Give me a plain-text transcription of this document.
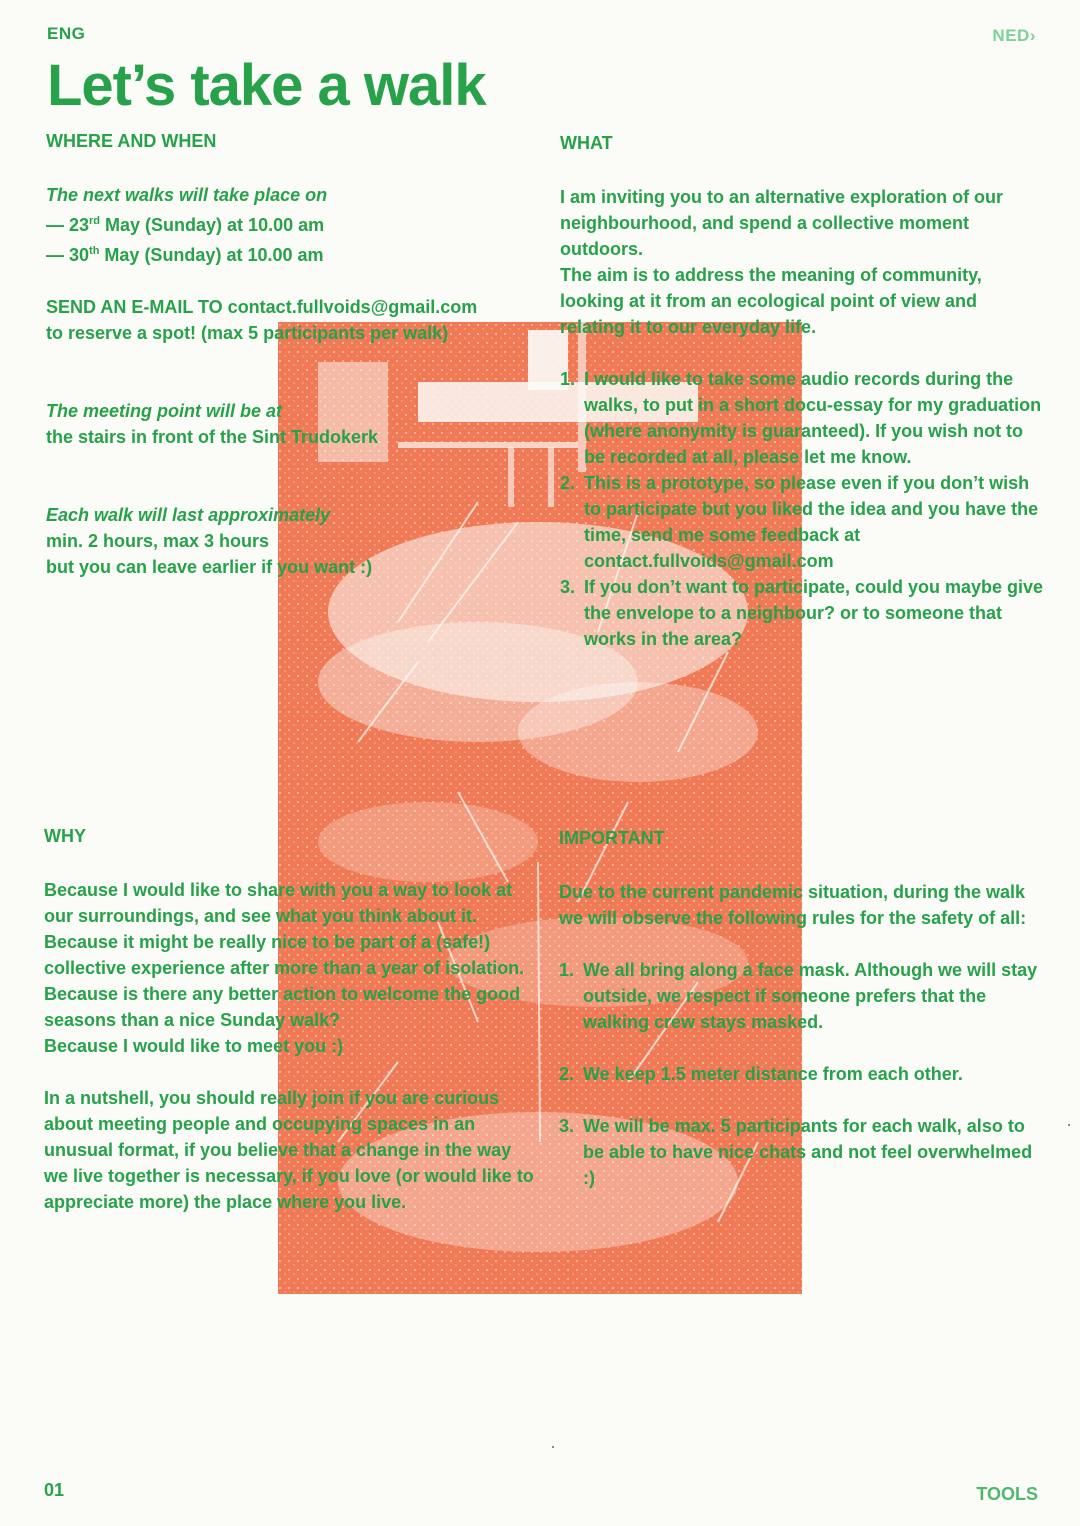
ENG	NED›
Let’s take a walk
WHERE AND WHEN

The next walks will take place on

— 23rd May (Sunday) at 10.00 am

— 30th May (Sunday) at 10.00 am

SEND AN E-MAIL TO contact.fullvoids@gmail.com

to reserve a spot! (max 5 participants per walk)

The meeting point will be at

the stairs in front of the Sint Trudokerk

Each walk will last approximately

min. 2 hours, max 3 hours

but you can leave earlier if you want :)

WHAT

I am inviting you to an alternative exploration of our neighbourhood, and spend a collective moment outdoors.

The aim is to address the meaning of community, looking at it from an ecological point of view and relating it to our everyday life.

1. I would like to take some audio records during the walks, to put in a short docu-essay for my graduation (where anonymity is guaranteed). If you wish not to be recorded at all, please let me know.
2. This is a prototype, so please even if you don’t wish to participate but you liked the idea and you have the time, send me some feedback at contact.fullvoids@gmail.com
3. If you don’t want to participate, could you maybe give the envelope to a neighbour? or to someone that works in the area?
WHY

Because I would like to share with you a way to look at our surroundings, and see what you think about it.

Because it might be really nice to be part of a (safe!) collective experience after more than a year of isolation.

Because is there any better action to welcome the good seasons than a nice Sunday walk?

Because I would like to meet you :)

In a nutshell, you should really join if you are curious about meeting people and occupying spaces in an unusual format, if you believe that a change in the way we live together is necessary, if you love (or would like to appreciate more) the place where you live.

IMPORTANT

Due to the current pandemic situation, during the walk we will observe the following rules for the safety of all:

1. We all bring along a face mask. Although we will stay outside, we respect if someone prefers that the walking crew stays masked.
2. We keep 1.5 meter distance from each other.
3. We will be max. 5 participants for each walk, also to be able to have nice chats and not feel overwhelmed :)
01	TOOLS
